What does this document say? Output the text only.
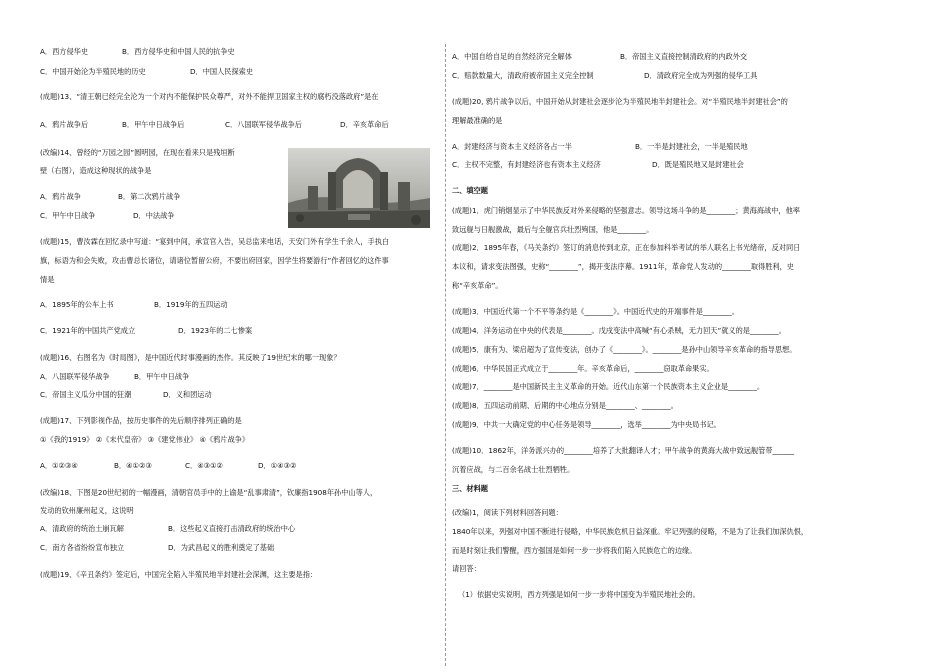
A．西方侵华史	B．西方侵华史和中国人民的抗争史
C．中国开始沦为半殖民地的历史	D．中国人民探索史
(成题)13、“清王朝已经完全沦为一个对内不能保护民众尊严，对外不能捍卫国家主权的腐朽没落政府”是在
A．鸦片战争后	B．甲午中日战争后	C．八国联军侵华战争后	D．辛亥革命后
(改编)14、曾经的“万园之园”圆明园，在现在看来只是残垣断
壁（右图），造成这种现状的战争是
A．鸦片战争	B．第二次鸦片战争
C．甲午中日战争	D．中法战争
(成题)15，曹汝霖在回忆录中写道：“宴到中间，承宣官入告，吴总监来电话，天安门外有学生千余人，手执白
旗，标语为和会失败，攻击曹总长诸位，请诸位暂留公府，不要出府回家，因学生将要游行”作者回忆的这件事
情是
A．1895年的公车上书	B．1919年的五四运动
C．1921年的中国共产党成立	D．1923年的二七惨案
(成题)16、右图名为《时局图》，是中国近代时事漫画的杰作。其反映了19世纪末的哪一现象？
A．八国联军侵华战争	B．甲午中日战争
C．帝国主义瓜分中国的狂潮	D．义和团运动
(成题)17、下列影视作品，按历史事件的先后顺序排列正确的是
①《我的1919》 ②《末代皇帝》 ③《建党伟业》 ④《鸦片战争》
A．①②③④	B．④①②③	C．④③①②	D．①④③②
(改编)18、下图是20世纪初的一幅漫画，清朝官员手中的上谕是“乱事肃清”，钦廉指1908年孙中山等人，
发动的钦州廉州起义，这说明
A．清政府的统治土崩瓦解	B．这些起义直接打击清政府的统治中心
C．南方各省纷纷宣布独立	D．为武昌起义的胜利奠定了基础
(成题)19、《辛丑条约》签定后，中国完全陷入半殖民地半封建社会深渊，这主要是指：
A．中国自给自足的自然经济完全解体	B．帝国主义直接控制清政府的内政外交
C．赔款数量大，清政府被帝国主义完全控制	D．清政府完全成为列强的侵华工具
(成题)20, 鸦片战争以后，中国开始从封建社会逐步沦为半殖民地半封建社会。对“半殖民地半封建社会”的
理解最准确的是
A．封建经济与资本主义经济各占一半	B．一半是封建社会，一半是殖民地
C．主权不完整，有封建经济也有资本主义经济	D．既是殖民地又是封建社会
二、填空题
(成题)1．虎门销烟显示了中华民族反对外来侵略的坚强意志。领导这场斗争的是________；黄海海战中，他率
致远舰与日舰激战，最后与全舰官兵壮烈殉国，他是________。
(成题)2．1895年春，《马关条约》签订的消息传到北京，正在参加科举考试的举人联名上书光绪帝，反对同日
本议和，请求变法图强，史称“________”，揭开变法序幕。1911年，革命党人发动的________取得胜利，史
称“辛亥革命”。
(成题)3．中国近代第一个不平等条约是《________》。中国近代史的开端事件是________。
(成题)4．洋务运动在中央的代表是________。戊戌变法中高喊“有心杀贼，无力回天”就义的是________。
(成题)5．康有为、梁启超为了宣传变法，创办了《________》。________是孙中山领导辛亥革命的指导思想。
(成题)6．中华民国正式成立于________年。辛亥革命后，________窃取革命果实。
(成题)7．________是中国新民主主义革命的开始。近代山东第一个民族资本主义企业是________。
(成题)8．五四运动前期、后期的中心地点分别是________、________。
(成题)9．中共一大确定党的中心任务是领导________，选举________为中央局书记。
(成题)10．1862年，洋务派兴办的________培养了大批翻译人才；甲午战争的黄海大战中致远舰管带______
沉着应战，与二百余名战士壮烈牺牲。
三、材料题
(改编)1，阅读下列材料回答问题：
1840年以来，列强对中国不断进行侵略，中华民族危机日益深重。牢记列强的侵略，不是为了让我们加深仇恨，
而是时刻让我们警醒，西方强国是如何一步一步将我们陷入民族危亡的边缘。
请回答：
（1）依据史实说明，西方列强是如何一步一步将中国变为半殖民地社会的。
